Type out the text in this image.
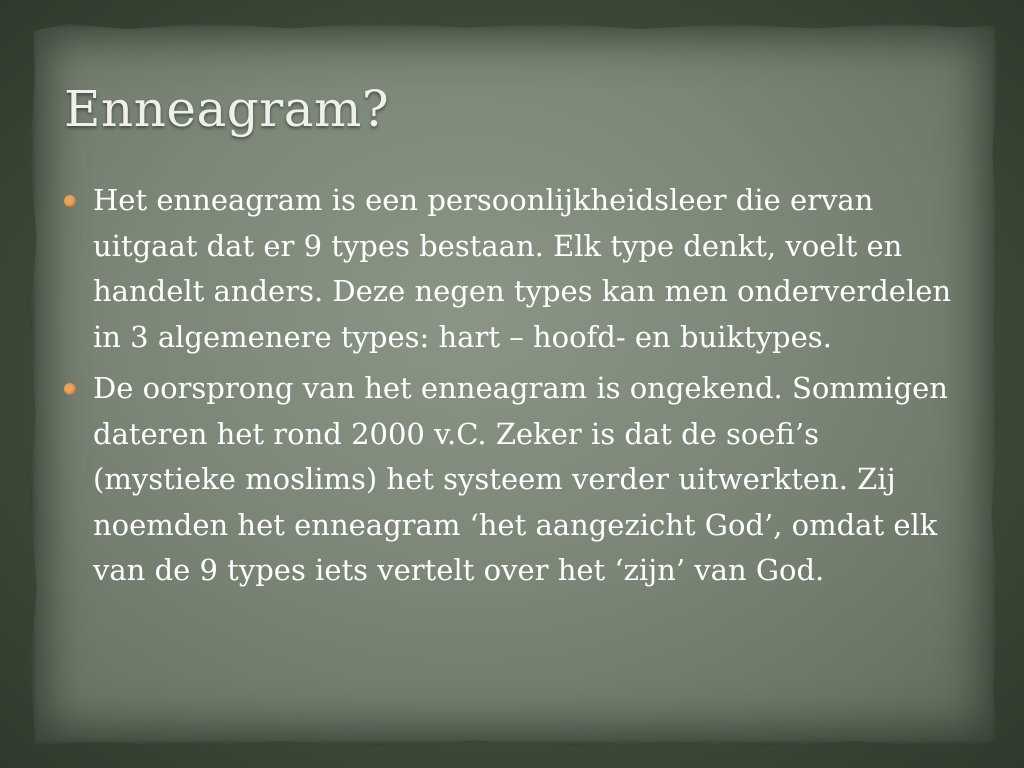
Enneagram?
Het enneagram is een persoonlijkheidsleer die ervan uitgaat dat er 9 types bestaan. Elk type denkt, voelt en handelt anders. Deze negen types kan men onderverdelen in 3 algemenere types: hart – hoofd- en buiktypes.
De oorsprong van het enneagram is ongekend. Sommigen dateren het rond 2000 v.C. Zeker is dat de soefi’s (mystieke moslims) het systeem verder uitwerkten. Zij noemden het enneagram ‘het aangezicht God’, omdat elk van de 9 types iets vertelt over het ‘zijn’ van God.
